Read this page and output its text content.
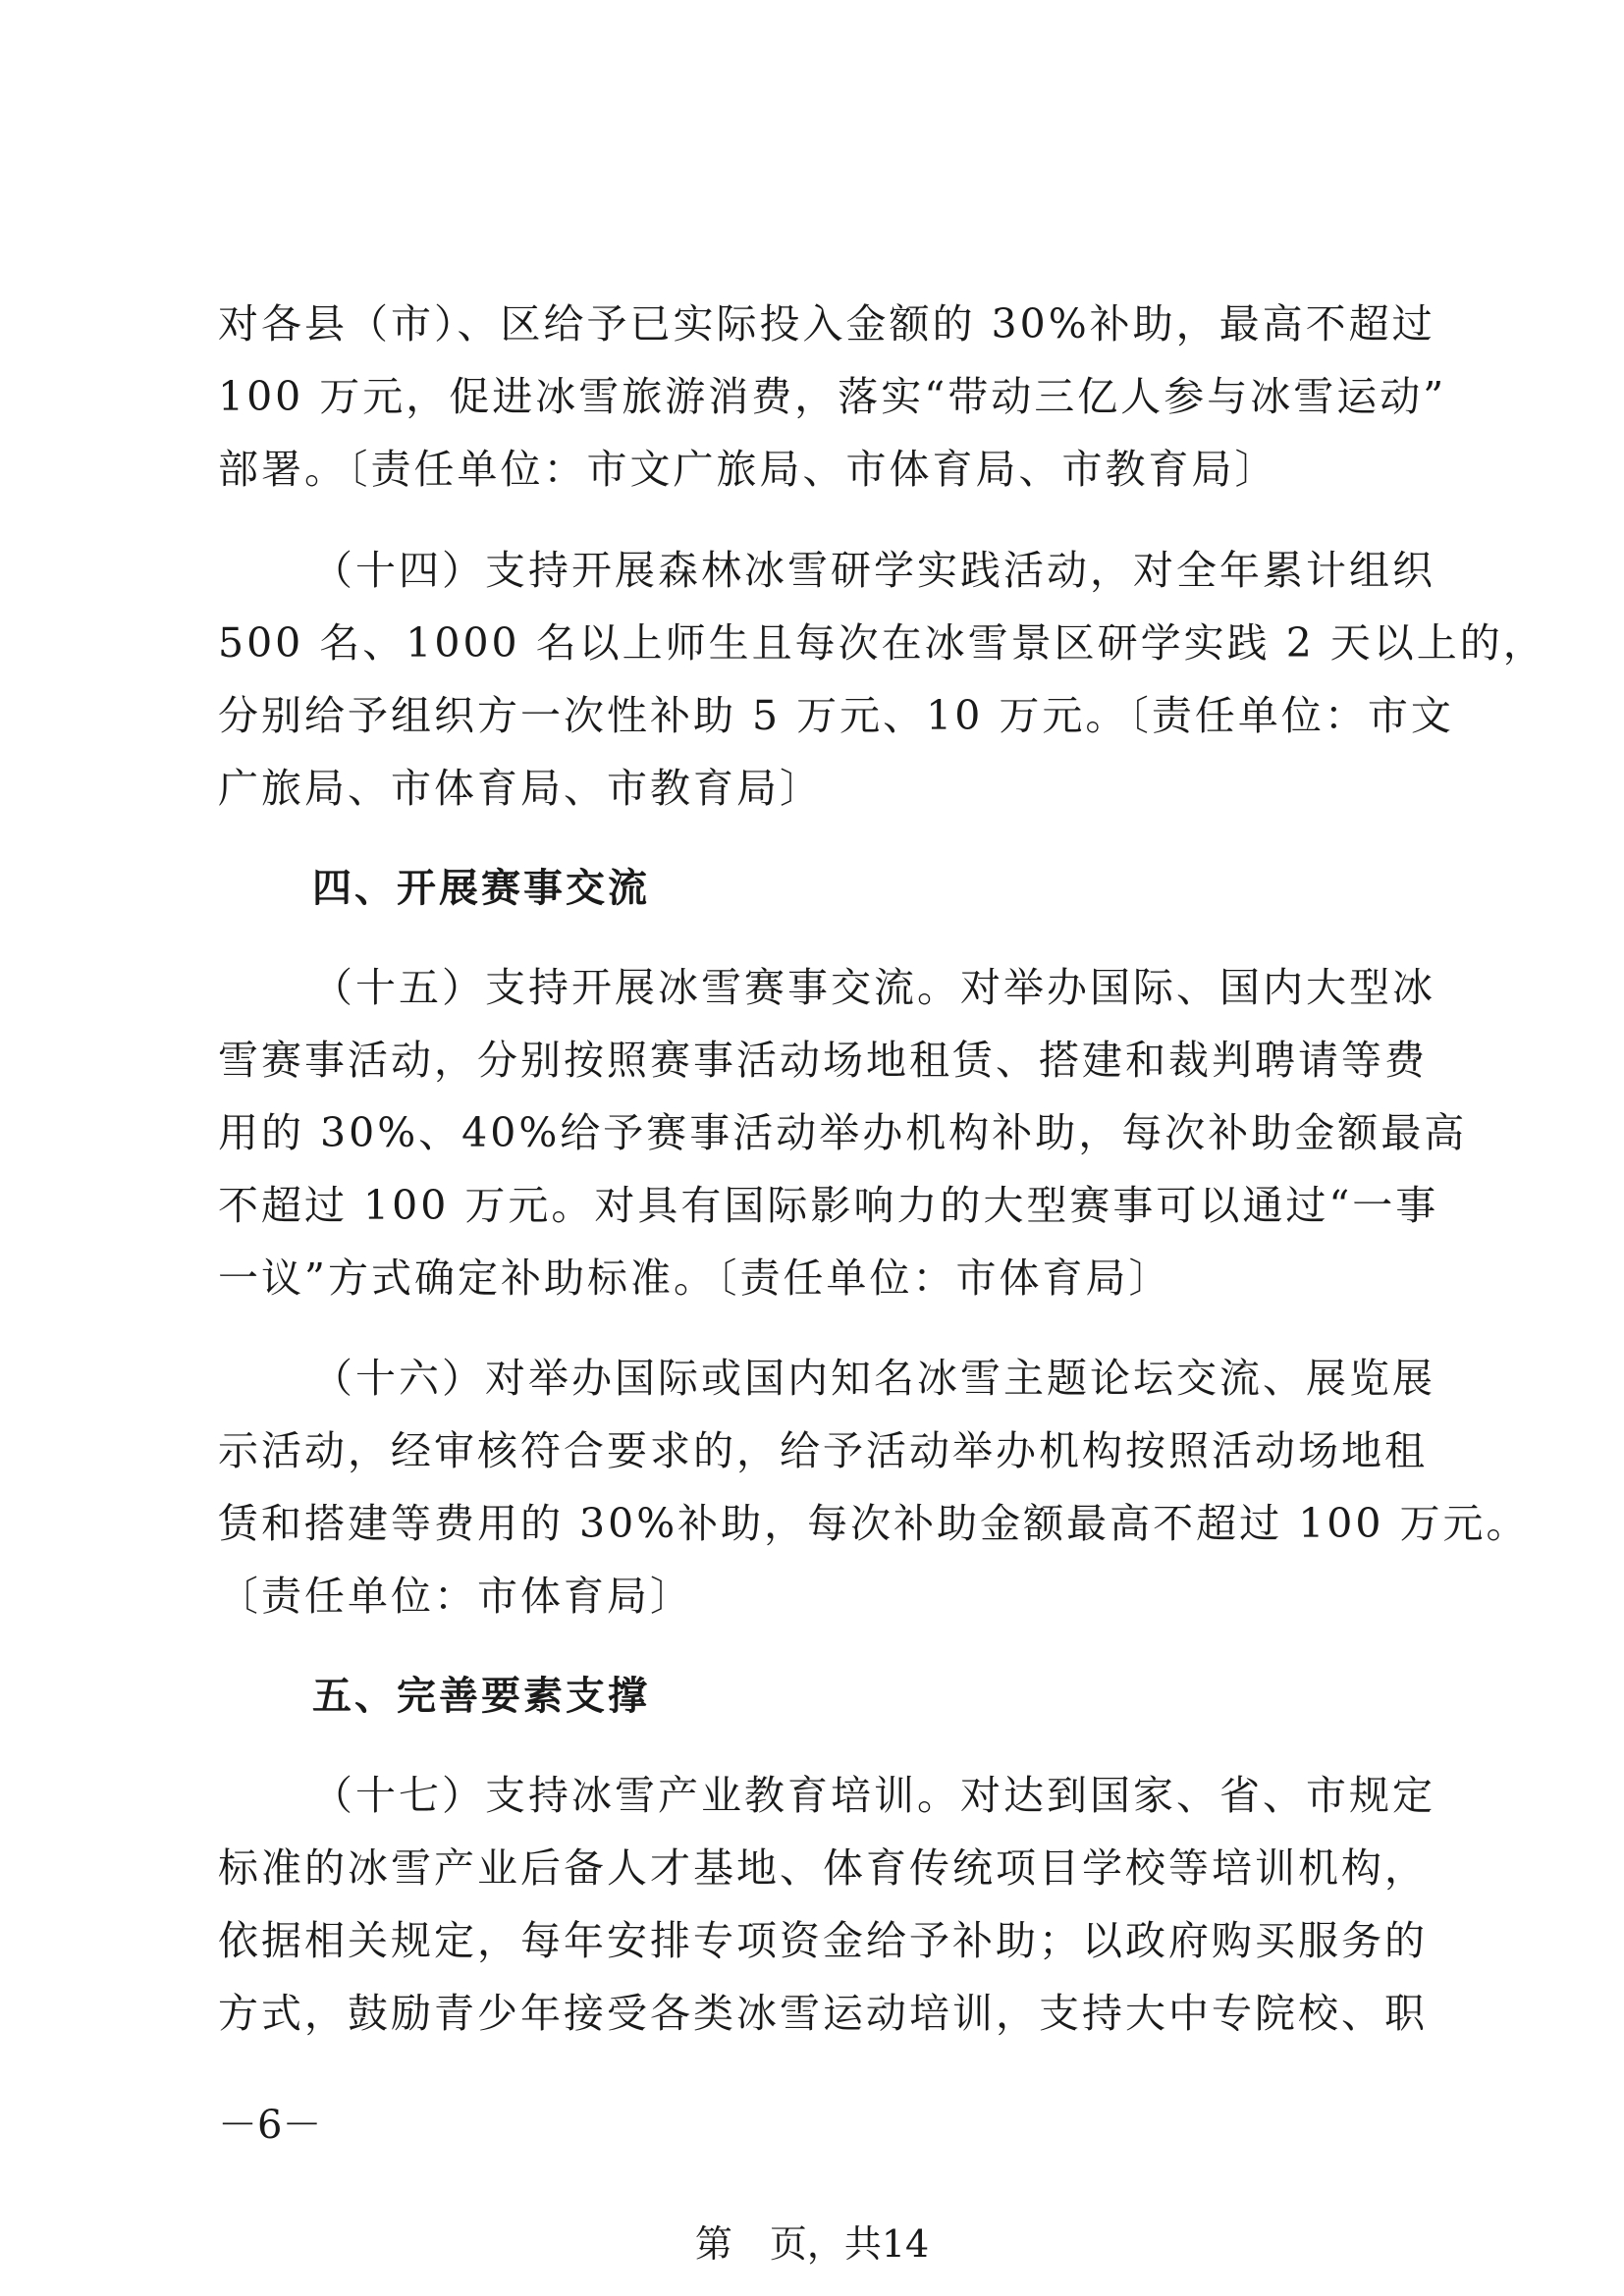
对各县（市）、区给予已实际投入金额的 30%补助，最高不超过
100 万元，促进冰雪旅游消费，落实“带动三亿人参与冰雪运动”
部署。〔责任单位：市文广旅局、市体育局、市教育局〕
（十四）支持开展森林冰雪研学实践活动，对全年累计组织
500 名、1000 名以上师生且每次在冰雪景区研学实践 2 天以上的，
分别给予组织方一次性补助 5 万元、10 万元。〔责任单位：市文
广旅局、市体育局、市教育局〕
四、开展赛事交流
（十五）支持开展冰雪赛事交流。对举办国际、国内大型冰
雪赛事活动，分别按照赛事活动场地租赁、搭建和裁判聘请等费
用的 30%、40%给予赛事活动举办机构补助，每次补助金额最高
不超过 100 万元。对具有国际影响力的大型赛事可以通过“一事
一议”方式确定补助标准。〔责任单位：市体育局〕
（十六）对举办国际或国内知名冰雪主题论坛交流、展览展
示活动，经审核符合要求的，给予活动举办机构按照活动场地租
赁和搭建等费用的 30%补助，每次补助金额最高不超过 100 万元。
〔责任单位：市体育局〕
五、完善要素支撑
（十七）支持冰雪产业教育培训。对达到国家、省、市规定
标准的冰雪产业后备人才基地、体育传统项目学校等培训机构，
依据相关规定，每年安排专项资金给予补助；以政府购买服务的
方式，鼓励青少年接受各类冰雪运动培训，支持大中专院校、职
－6－
第　页，共14
